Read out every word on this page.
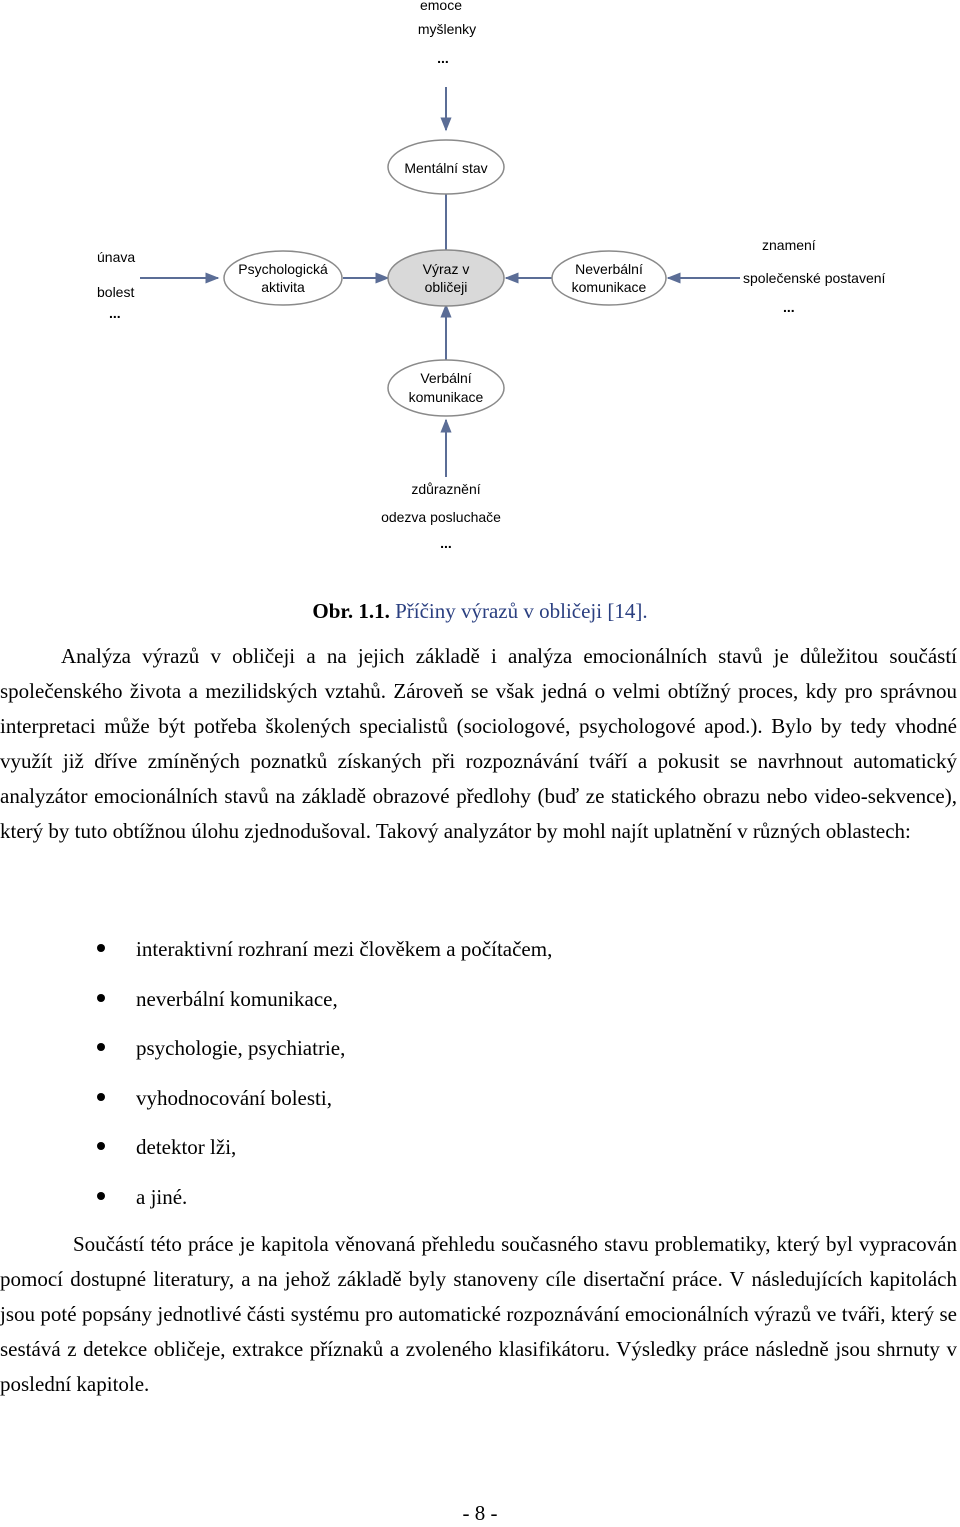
emoce
myšlenky
...
Mentální stav
únava
bolest
...
Psychologická
aktivita
Výraz v
obličeji
Neverbální
komunikace
znamení
společenské postavení
...
Verbální
komunikace
zdůraznění
odezva posluchače
...
Obr. 1.1. Příčiny výrazů v obličeji [14].

Analýza výrazů v obličeji a na jejich základě i analýza emocionálních stavů je důležitou součástí společenského života a mezilidských vztahů. Zároveň se však jedná o velmi obtížný proces, kdy pro správnou interpretaci může být potřeba školených specialistů (sociologové, psychologové apod.). Bylo by tedy vhodné využít již dříve zmíněných poznatků získaných při rozpoznávání tváří a pokusit se navrhnout automatický analyzátor emocionálních stavů na základě obrazové předlohy (buď ze statického obrazu nebo video-sekvence), který by tuto obtížnou úlohu zjednodušoval. Takový analyzátor by mohl najít uplatnění v různých oblastech:

interaktivní rozhraní mezi člověkem a počítačem,
neverbální komunikace,
psychologie, psychiatrie,
vyhodnocování bolesti,
detektor lži,
a jiné.

Součástí této práce je kapitola věnovaná přehledu současného stavu problematiky, který byl vypracován pomocí dostupné literatury, a na jehož základě byly stanoveny cíle disertační práce. V následujících kapitolách jsou poté popsány jednotlivé části systému pro automatické rozpoznávání emocionálních výrazů ve tváři, který se sestává z detekce obličeje, extrakce příznaků a zvoleného klasifikátoru. Výsledky práce následně jsou shrnuty v poslední kapitole.

- 8 -
